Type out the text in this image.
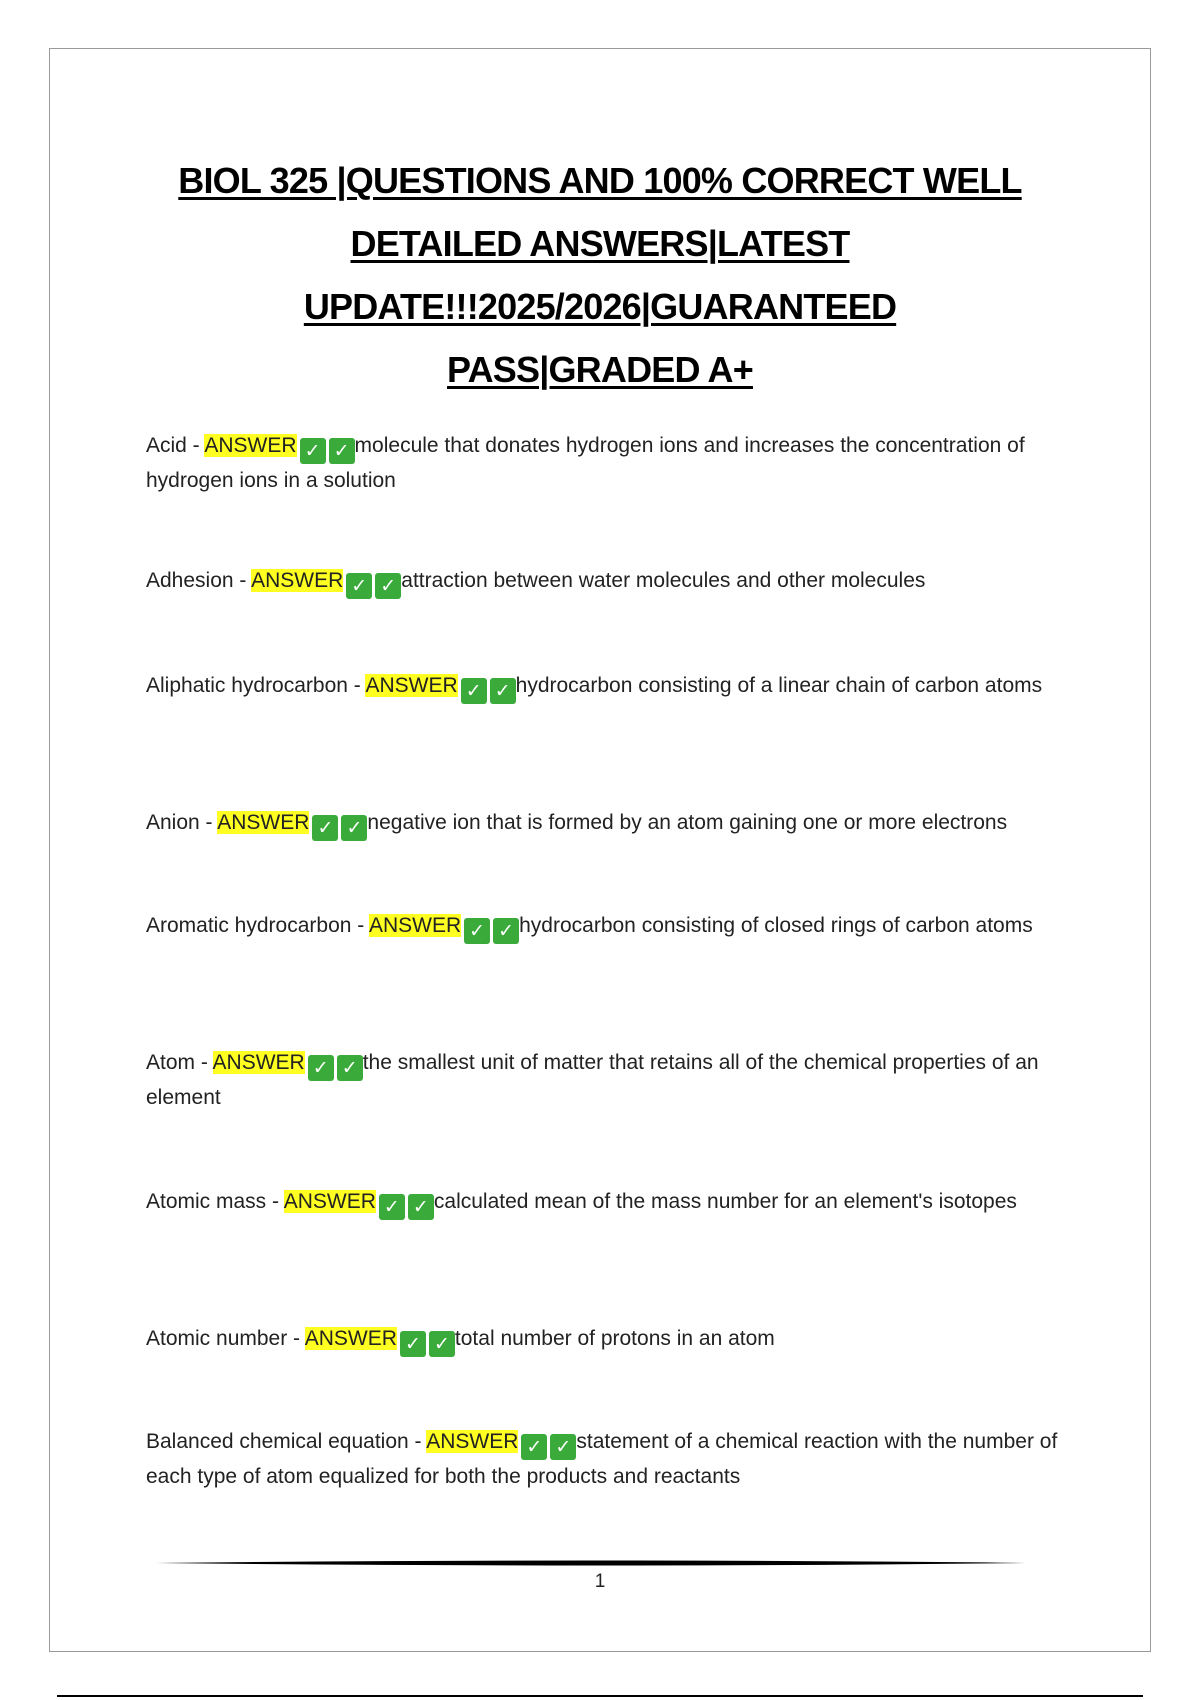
BIOL 325 |QUESTIONS AND 100% CORRECT WELL
DETAILED ANSWERS|LATEST
UPDATE!!!2025/2026|GUARANTEED
PASS|GRADED A+
Acid - ANSWER ✓ ✓ molecule that donates hydrogen ions and increases the concentration of hydrogen ions in a solution
Adhesion - ANSWER ✓ ✓ attraction between water molecules and other molecules
Aliphatic hydrocarbon - ANSWER ✓ ✓ hydrocarbon consisting of a linear chain of carbon atoms
Anion - ANSWER ✓ ✓ negative ion that is formed by an atom gaining one or more electrons
Aromatic hydrocarbon - ANSWER ✓ ✓ hydrocarbon consisting of closed rings of carbon atoms
Atom - ANSWER ✓ ✓ the smallest unit of matter that retains all of the chemical properties of an element
Atomic mass - ANSWER ✓ ✓ calculated mean of the mass number for an element's isotopes
Atomic number - ANSWER ✓ ✓ total number of protons in an atom
Balanced chemical equation - ANSWER ✓ ✓ statement of a chemical reaction with the number of each type of atom equalized for both the products and reactants
1
